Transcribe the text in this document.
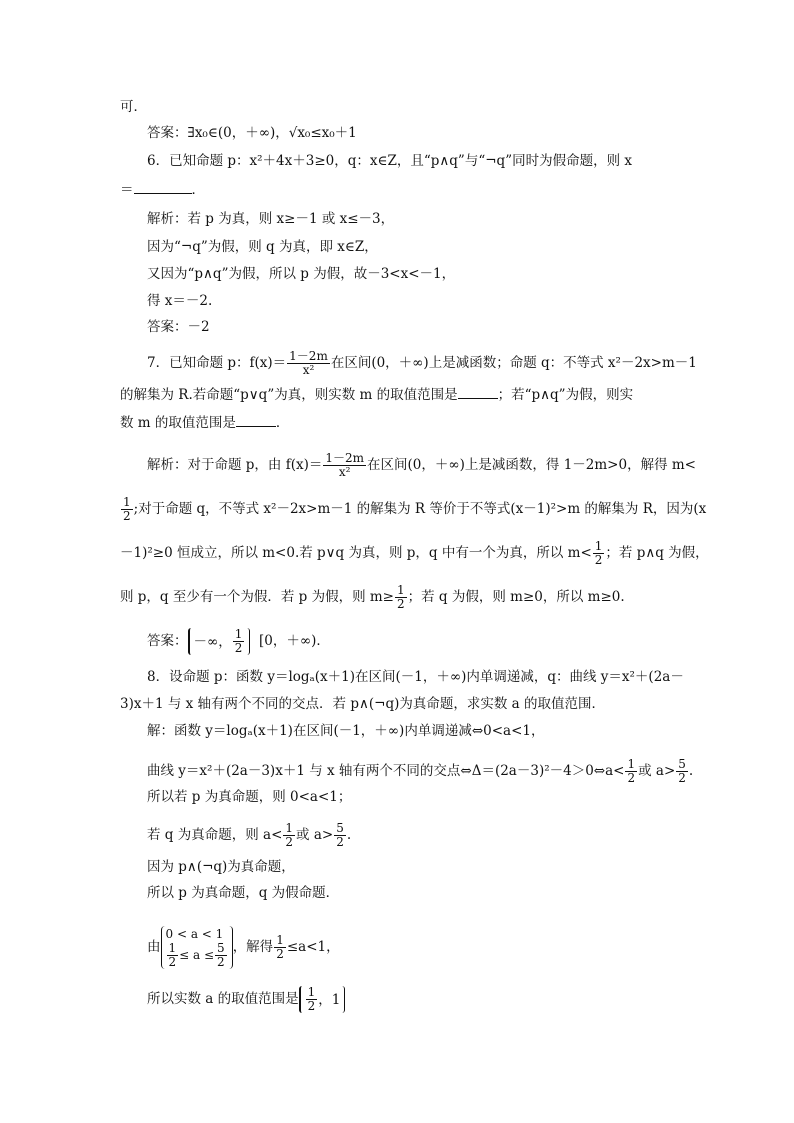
可．
答案：∃x₀∈(0，＋∞)，√x₀≤x₀＋1
6．已知命题 p：x²＋4x＋3≥0，q：x∈Z，且“p∧q”与“¬q”同时为假命题，则 x
＝	．
解析：若 p 为真，则 x≥－1 或 x≤－3，
因为“¬q”为假，则 q 为真，即 x∈Z，
又因为“p∧q”为假，所以 p 为假，故－3<x<－1，
得 x＝－2.
答案：－2
7．已知命题 p：$f(x)= \frac{1-2m}{\text{x²}}$ 在区间(0，＋∞)上是减函数；命题 q：不等式 x²－2x>m－1
的解集为 R.若命题“p∨q”为真，则实数 m 的取值范围是	；若“p∧q”为假，则实
数 m 的取值范围是	．
解析：对于命题 p，由 $f(x)= \frac{1-2m}{\text{x²}}$ 在区间(0，＋∞)上是减函数，得 1－2m>0，解得 m<
$\frac{1}{2}$ ;对于命题 q，不等式 x²－2x>m－1 的解集为 R 等价于不等式(x－1)²>m 的解集为 R，因为(x
－1)²≥0 恒成立，所以 m<0.若 p∨q 为真，则 p，q 中有一个为真，所以 $m< \frac{1}{2}$ ；若 p∧q 为假，
则 p，q 至少有一个为假．若 p 为假，则 $m\ge \frac{1}{2}$ ；若 q 为假，则 m≥0，所以 m≥0.
答案： －∞， $\frac{1}{2} [0$，＋∞)．
8．设命题 p：函数 y＝logₐ(x＋1)在区间(－1，＋∞)内单调递减，q：曲线 y＝x²＋(2a－
3)x＋1 与 x 轴有两个不同的交点．若 p∧(¬q)为真命题，求实数 a 的取值范围．
解：函数 y＝logₐ(x＋1)在区间(－1，＋∞)内单调递减⇔0<a<1，
曲线 y＝x²＋(2a－3)x＋1 与 x 轴有两个不同的交点⇔Δ＝(2a－3)²－4＞0⇔a< $\frac{1}{2}$ 或 $a> \frac{5}{2}$ .
所以若 p 为真命题，则 0<a<1；
若 q 为真命题，则 $a< \frac{1}{2}$ 或 $a> \frac{5}{2}$ .
因为 p∧(¬q)为真命题，
所以 p 为真命题，q 为假命题．
由
0 < a < 1
$\frac{1}{2} \le a \le \frac{5}{2}$ ，解得 $\frac{1}{2} \le a<1$，
所以实数 a 的取值范围是 $\frac{1}{2}$ ，1
